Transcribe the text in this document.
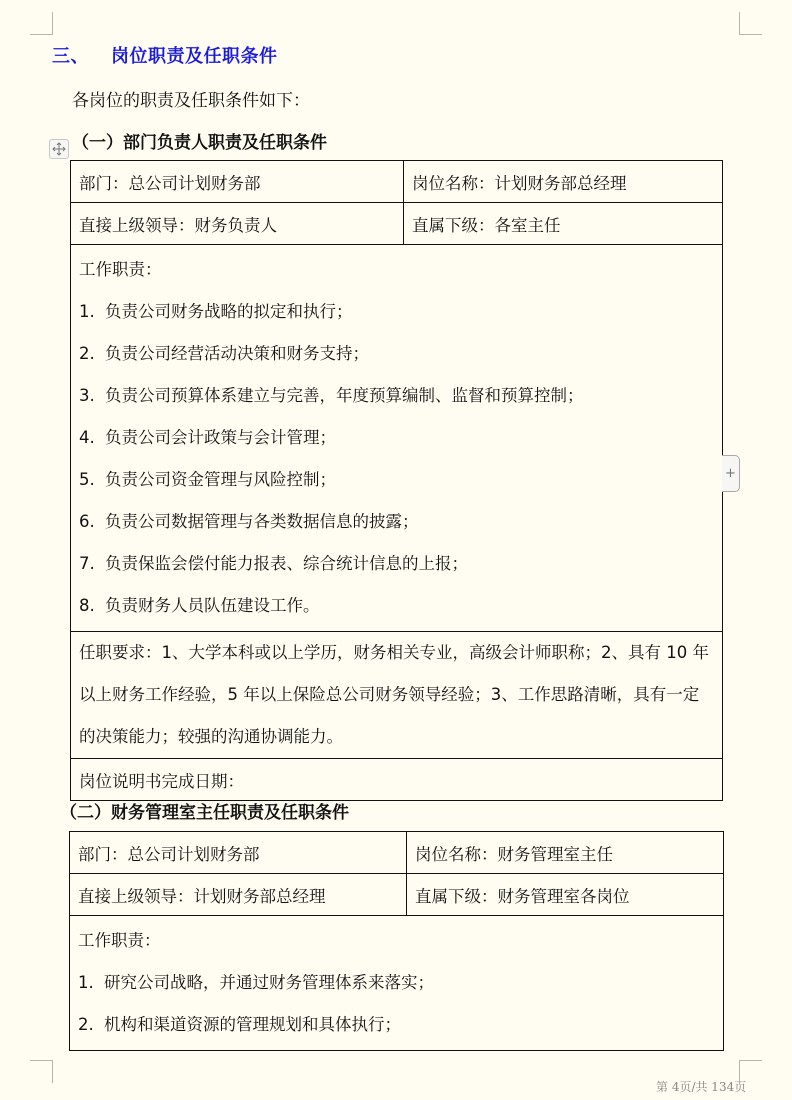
三、 岗位职责及任职条件
各岗位的职责及任职条件如下：
（一）部门负责人职责及任职条件
部门：总公司计划财务部	岗位名称：计划财务部总经理
直接上级领导：财务负责人	直属下级：各室主任

工作职责：
1. 负责公司财务战略的拟定和执行；
2. 负责公司经营活动决策和财务支持；
3. 负责公司预算体系建立与完善，年度预算编制、监督和预算控制；
4. 负责公司会计政策与会计管理；
5. 负责公司资金管理与风险控制；
6. 负责公司数据管理与各类数据信息的披露；
7. 负责保监会偿付能力报表、综合统计信息的上报；
8. 负责财务人员队伍建设工作。

任职要求：1、大学本科或以上学历，财务相关专业，高级会计师职称；2、具有 10 年以上财务工作经验，5 年以上保险总公司财务领导经验；3、工作思路清晰，具有一定的决策能力；较强的沟通协调能力。	
岗位说明书完成日期：	
+
（二）财务管理室主任职责及任职条件
部门：总公司计划财务部	岗位名称：财务管理室主任
直接上级领导：计划财务部总经理	直属下级：财务管理室各岗位

工作职责：
1. 研究公司战略，并通过财务管理体系来落实；
2. 机构和渠道资源的管理规划和具体执行；	
第 4页/共 134页
